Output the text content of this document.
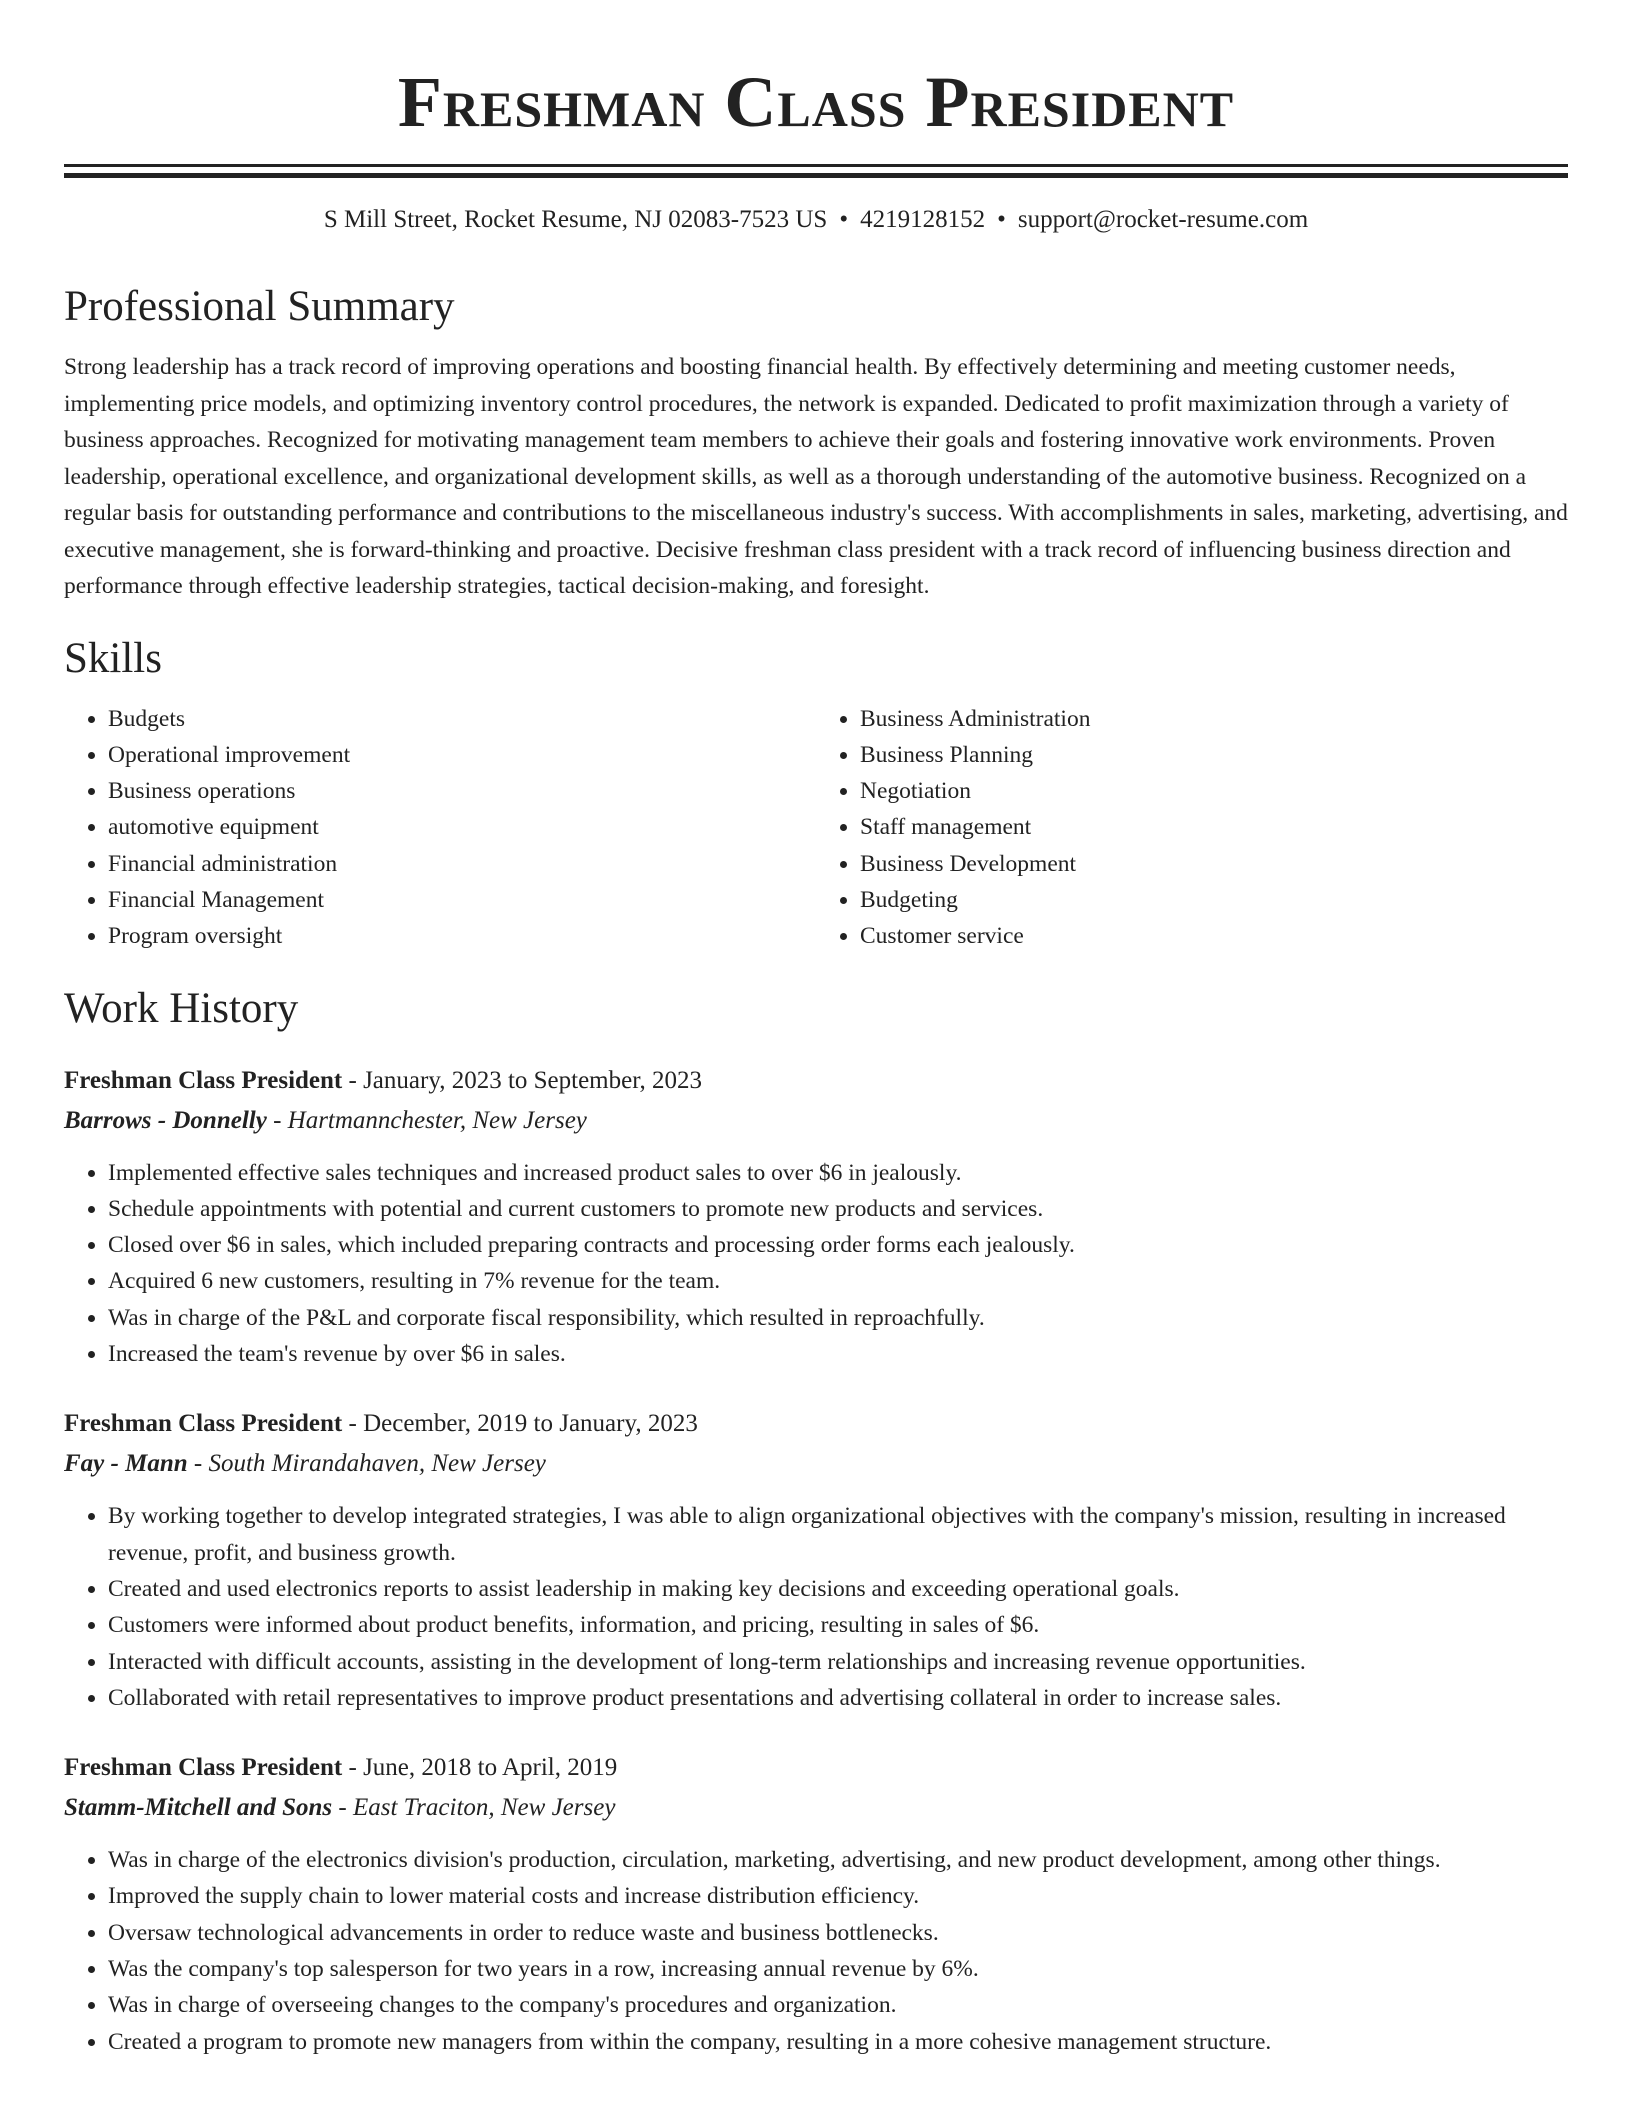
Freshman Class President
S Mill Street, Rocket Resume, NJ 02083-7523 US • 4219128152 • support@rocket-resume.com
Professional Summary
Strong leadership has a track record of improving operations and boosting financial health. By effectively determining and meeting customer needs, implementing price models, and optimizing inventory control procedures, the network is expanded. Dedicated to profit maximization through a variety of business approaches. Recognized for motivating management team members to achieve their goals and fostering innovative work environments. Proven leadership, operational excellence, and organizational development skills, as well as a thorough understanding of the automotive business. Recognized on a regular basis for outstanding performance and contributions to the miscellaneous industry's success. With accomplishments in sales, marketing, advertising, and executive management, she is forward-thinking and proactive. Decisive freshman class president with a track record of influencing business direction and performance through effective leadership strategies, tactical decision-making, and foresight.
Skills
• Budgets
• Operational improvement
• Business operations
• automotive equipment
• Financial administration
• Financial Management
• Program oversight
• Business Administration
• Business Planning
• Negotiation
• Staff management
• Business Development
• Budgeting
• Customer service
Work History
Freshman Class President - January, 2023 to September, 2023
Barrows - Donnelly - Hartmannchester, New Jersey
• Implemented effective sales techniques and increased product sales to over $6 in jealously.
• Schedule appointments with potential and current customers to promote new products and services.
• Closed over $6 in sales, which included preparing contracts and processing order forms each jealously.
• Acquired 6 new customers, resulting in 7% revenue for the team.
• Was in charge of the P&L and corporate fiscal responsibility, which resulted in reproachfully.
• Increased the team's revenue by over $6 in sales.
Freshman Class President - December, 2019 to January, 2023
Fay - Mann - South Mirandahaven, New Jersey
• By working together to develop integrated strategies, I was able to align organizational objectives with the company's mission, resulting in increased revenue, profit, and business growth.
• Created and used electronics reports to assist leadership in making key decisions and exceeding operational goals.
• Customers were informed about product benefits, information, and pricing, resulting in sales of $6.
• Interacted with difficult accounts, assisting in the development of long-term relationships and increasing revenue opportunities.
• Collaborated with retail representatives to improve product presentations and advertising collateral in order to increase sales.
Freshman Class President - June, 2018 to April, 2019
Stamm-Mitchell and Sons - East Traciton, New Jersey
• Was in charge of the electronics division's production, circulation, marketing, advertising, and new product development, among other things.
• Improved the supply chain to lower material costs and increase distribution efficiency.
• Oversaw technological advancements in order to reduce waste and business bottlenecks.
• Was the company's top salesperson for two years in a row, increasing annual revenue by 6%.
• Was in charge of overseeing changes to the company's procedures and organization.
• Created a program to promote new managers from within the company, resulting in a more cohesive management structure.
